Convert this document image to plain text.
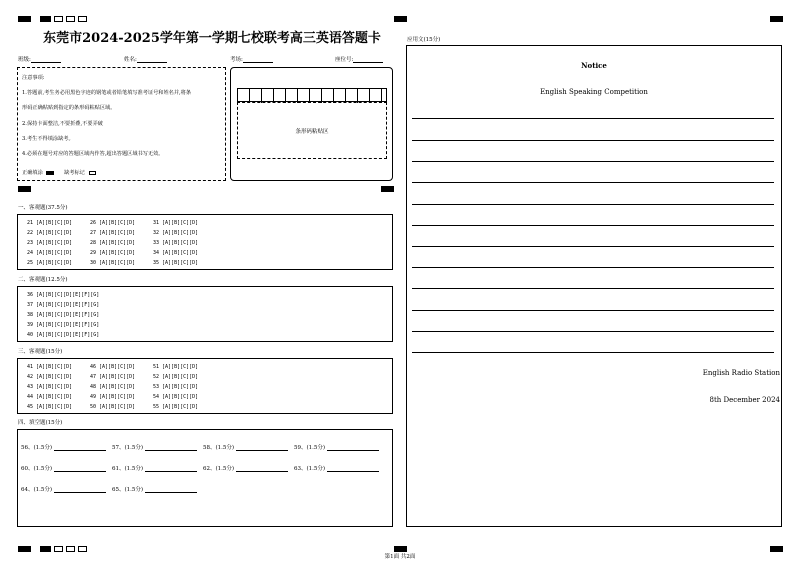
东莞市2024-2025学年第一学期七校联考高三英语答题卡
班级:	姓名:	考场:	座位号:

注意事项:

1.答题前,考生务必用黑色字迹的钢笔或者铅笔填写准考证号和姓名并,将条

形码正确粘贴到指定的条形码粘贴区域。

2.保持卡面整洁,不要折叠,不要弄破

3.考生不得填涂缺考。

4.必须在题号对应的答题区域内作答,超出答题区域书写无效。

正确填涂	缺考标记

条形码粘贴区
一、客观题(37.5分)
21 [A][B][C][D]	26 [A][B][C][D]	31 [A][B][C][D]
22 [A][B][C][D]	27 [A][B][C][D]	32 [A][B][C][D]
23 [A][B][C][D]	28 [A][B][C][D]	33 [A][B][C][D]
24 [A][B][C][D]	29 [A][B][C][D]	34 [A][B][C][D]
25 [A][B][C][D]	30 [A][B][C][D]	35 [A][B][C][D]
二、客观题(12.5分)
36 [A][B][C][D][E][F][G]
37 [A][B][C][D][E][F][G]
38 [A][B][C][D][E][F][G]
39 [A][B][C][D][E][F][G]
40 [A][B][C][D][E][F][G]
三、客观题(15分)
41 [A][B][C][D]	46 [A][B][C][D]	51 [A][B][C][D]
42 [A][B][C][D]	47 [A][B][C][D]	52 [A][B][C][D]
43 [A][B][C][D]	48 [A][B][C][D]	53 [A][B][C][D]
44 [A][B][C][D]	49 [A][B][C][D]	54 [A][B][C][D]
45 [A][B][C][D]	50 [A][B][C][D]	55 [A][B][C][D]
四、填空题(15分)
56、(1.5分)	57、(1.5分)	58、(1.5分)	59、(1.5分)
60、(1.5分)	61、(1.5分)	62、(1.5分)	63、(1.5分)
64、(1.5分)	65、(1.5分)
应用文(15分)
Notice
English Speaking Competition
English Radio Station
8th December 2024
第1面 共2面
